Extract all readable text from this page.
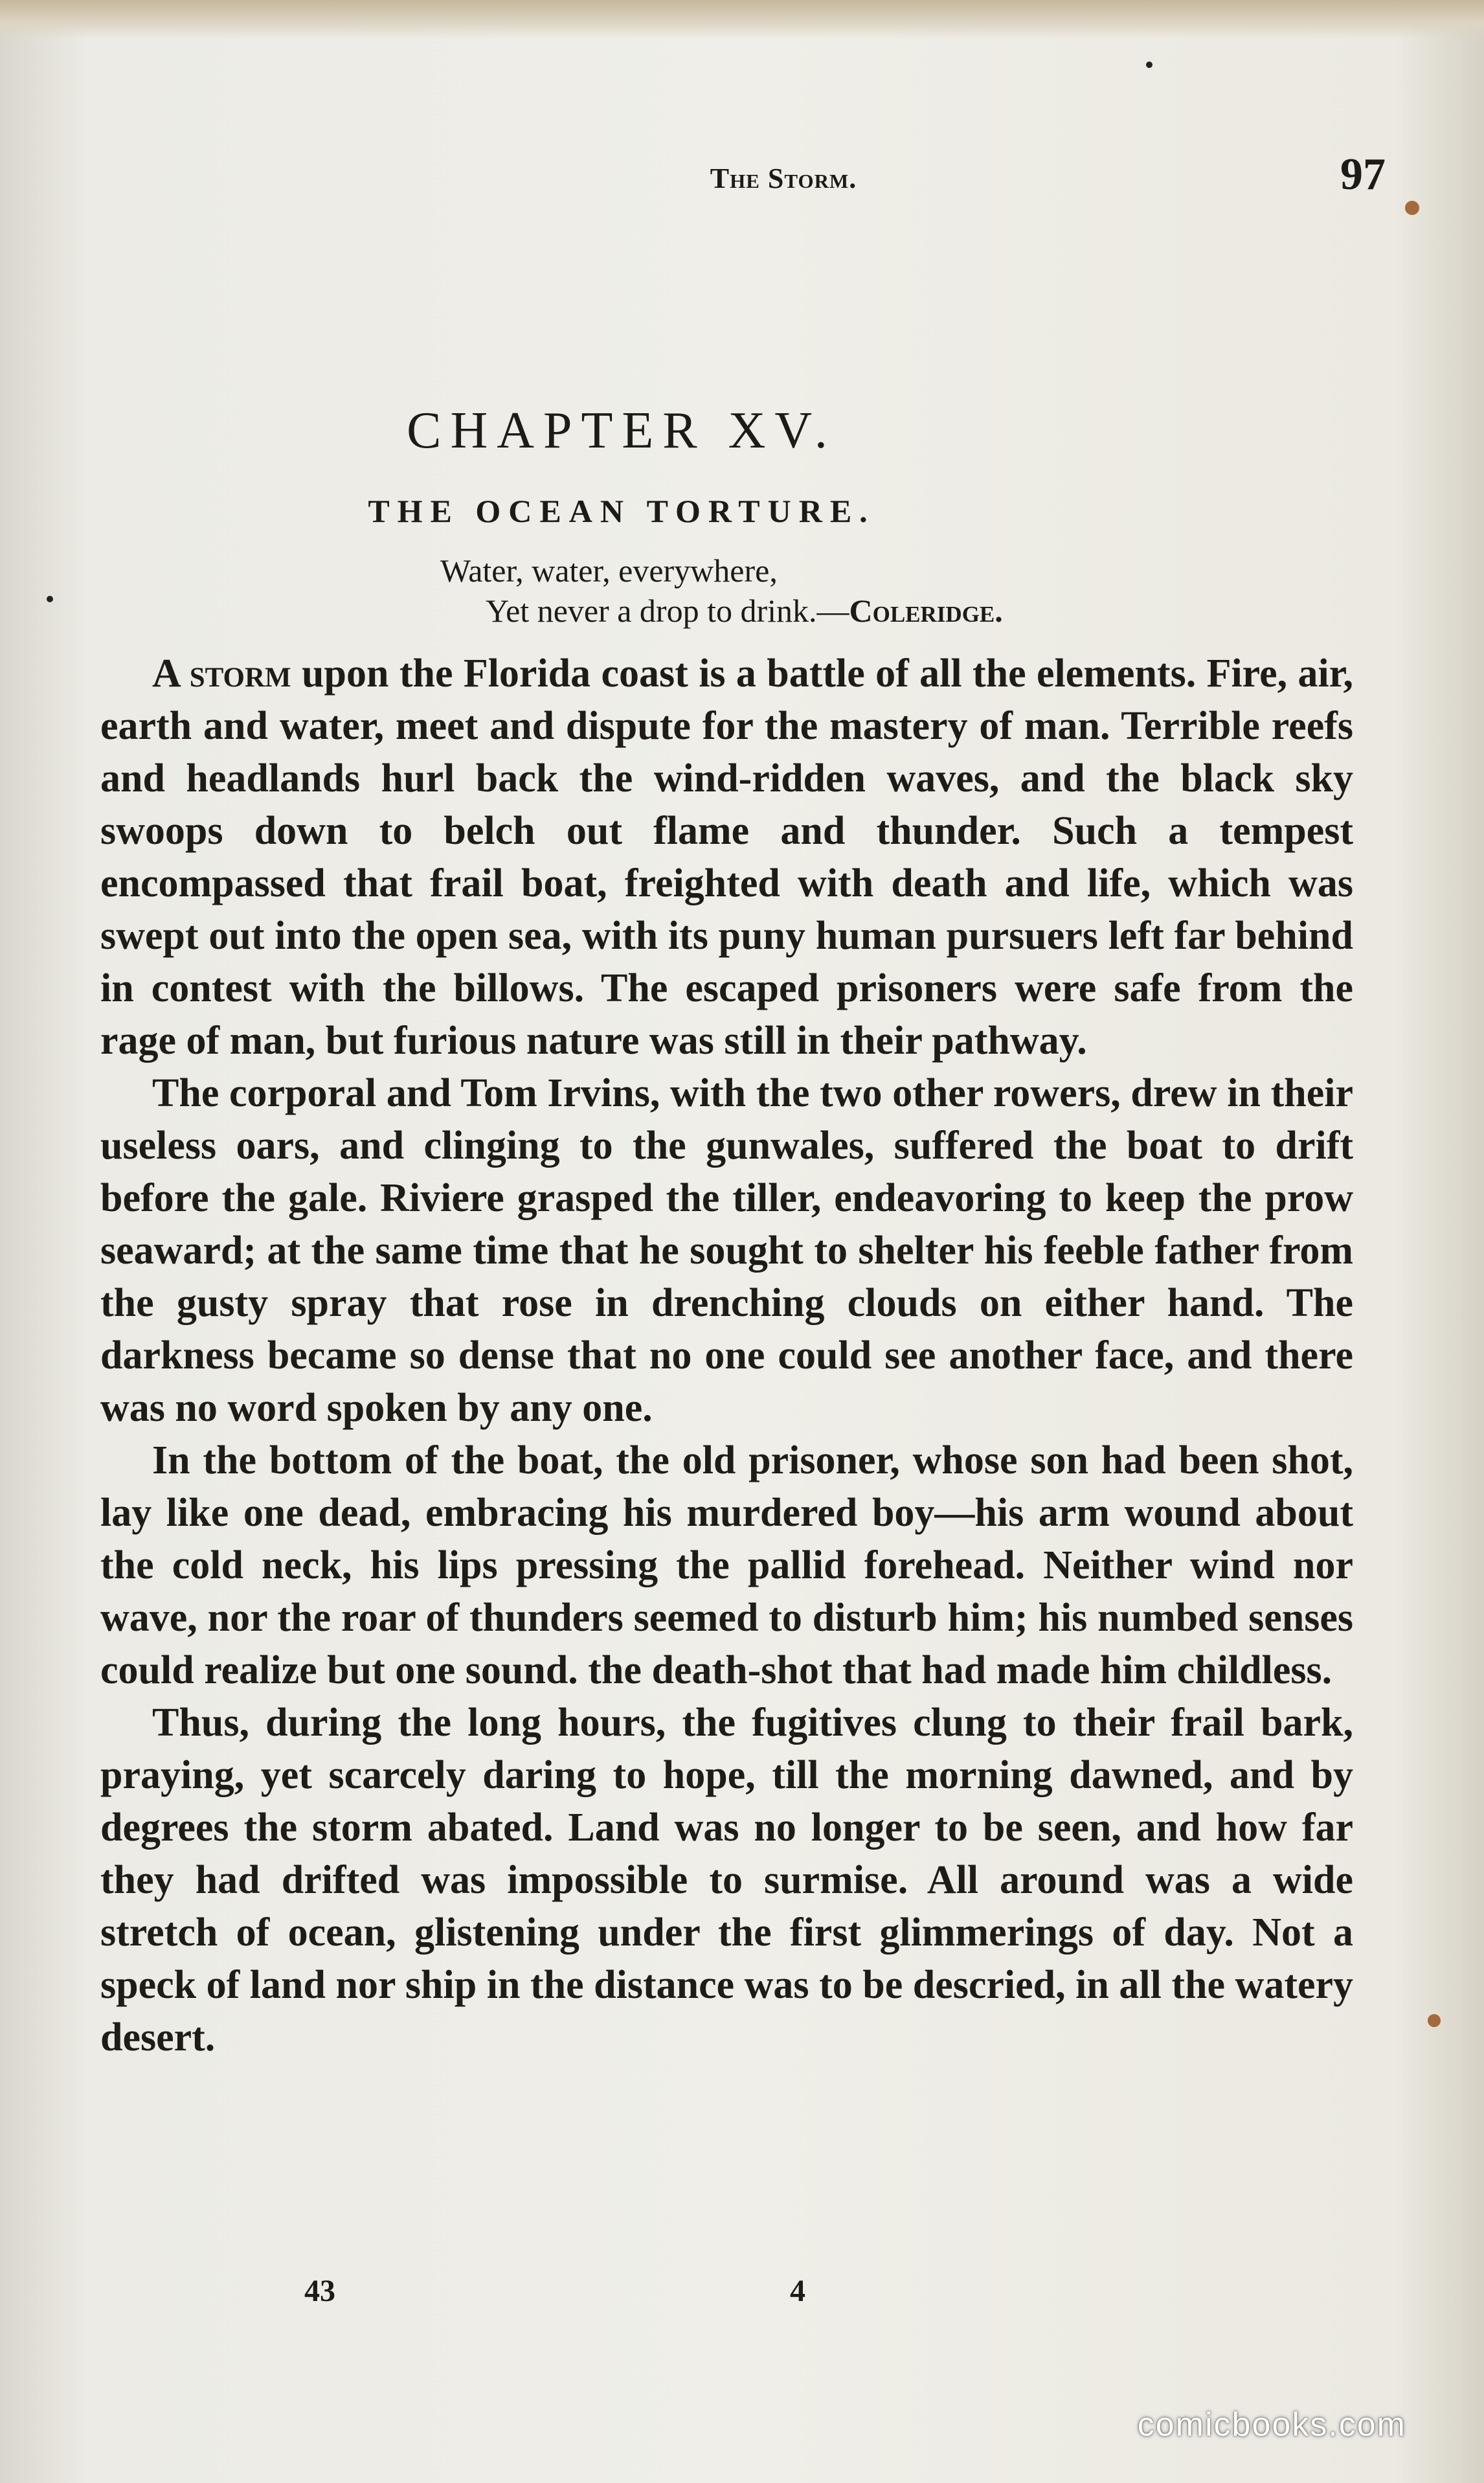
The Storm.	97
CHAPTER XV.
THE OCEAN TORTURE.
Water, water, everywhere,
Yet never a drop to drink.—Coleridge.

A storm upon the Florida coast is a battle of all the elements. Fire, air, earth and water, meet and dispute for the mastery of man. Terrible reefs and headlands hurl back the wind-ridden waves, and the black sky swoops down to belch out flame and thunder. Such a tempest encompassed that frail boat, freighted with death and life, which was swept out into the open sea, with its puny human pursuers left far behind in contest with the billows. The escaped prisoners were safe from the rage of man, but furious nature was still in their pathway.

The corporal and Tom Irvins, with the two other rowers, drew in their useless oars, and clinging to the gunwales, suffered the boat to drift before the gale. Riviere grasped the tiller, endeavoring to keep the prow seaward; at the same time that he sought to shelter his feeble father from the gusty spray that rose in drenching clouds on either hand. The darkness became so dense that no one could see another face, and there was no word spoken by any one.

In the bottom of the boat, the old prisoner, whose son had been shot, lay like one dead, embracing his murdered boy—his arm wound about the cold neck, his lips pressing the pallid forehead. Neither wind nor wave, nor the roar of thunders seemed to disturb him; his numbed senses could realize but one sound. the death-shot that had made him childless.

Thus, during the long hours, the fugitives clung to their frail bark, praying, yet scarcely daring to hope, till the morning dawned, and by degrees the storm abated. Land was no longer to be seen, and how far they had drifted was impossible to surmise. All around was a wide stretch of ocean, glistening under the first glimmerings of day. Not a speck of land nor ship in the distance was to be descried, in all the watery desert.

43	4
comicbooks.com
